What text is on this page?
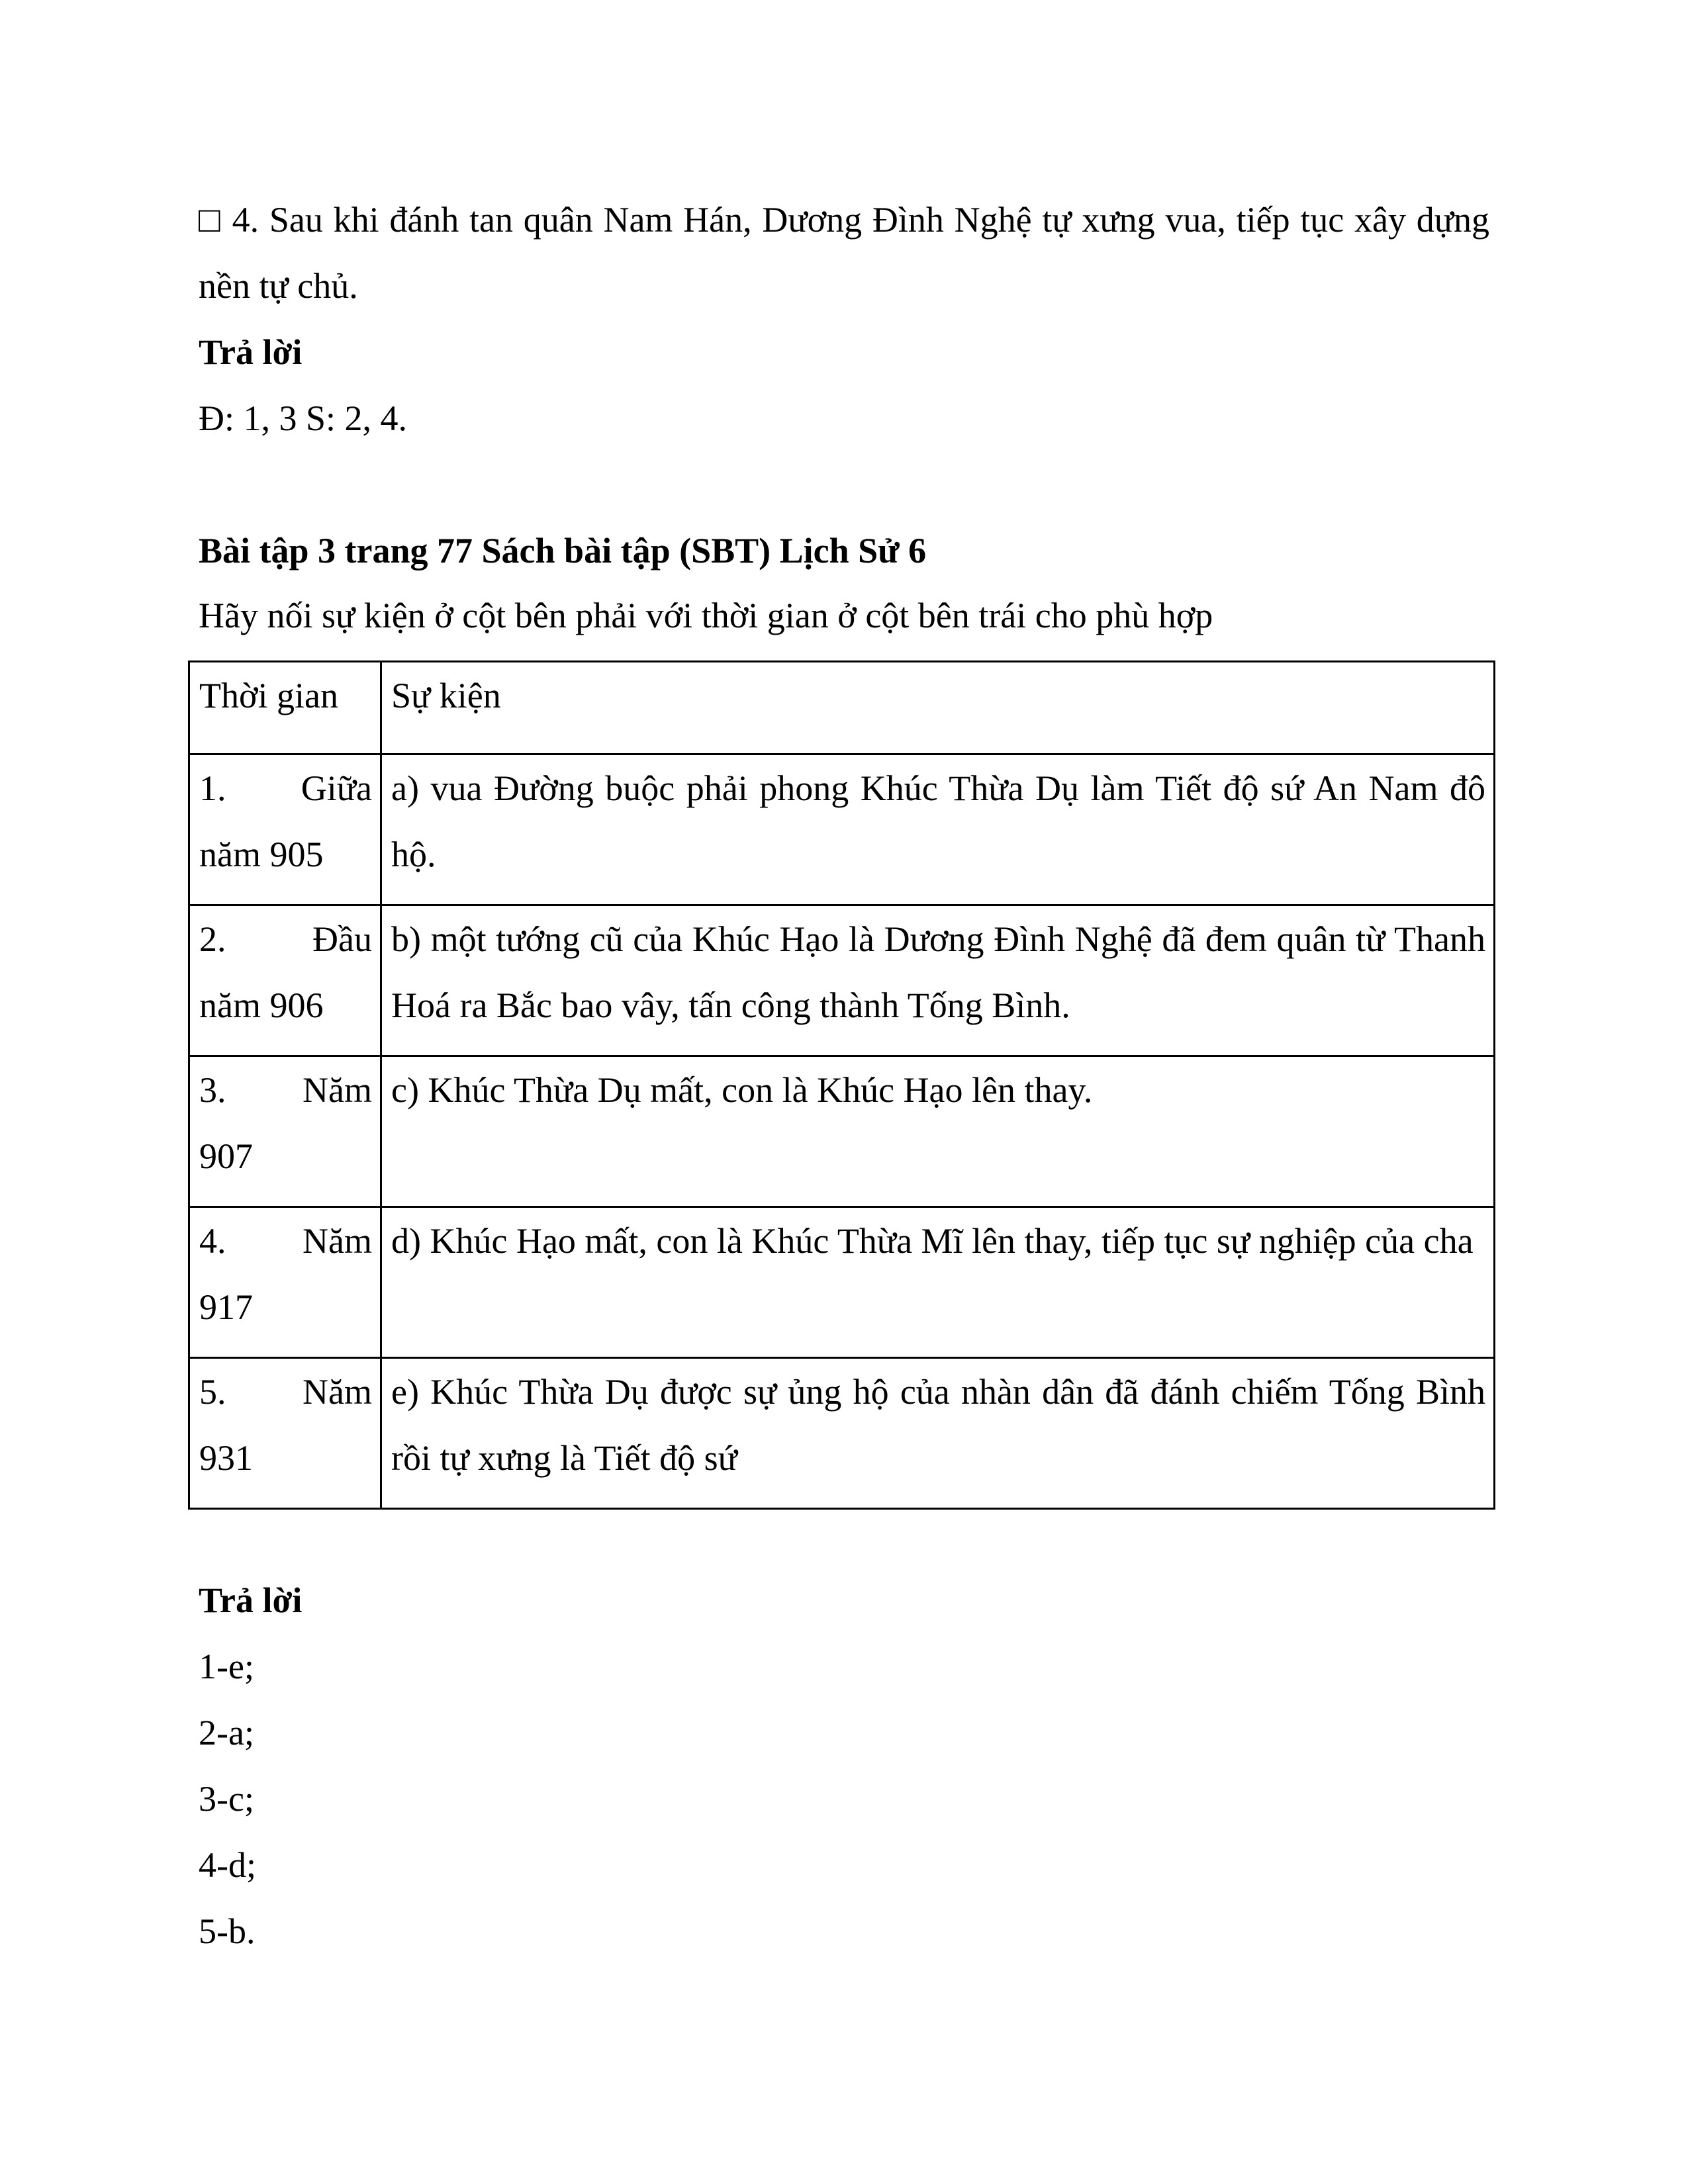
□ 4. Sau khi đánh tan quân Nam Hán, Dương Đình Nghệ tự xưng vua, tiếp tục xây dựng nền tự chủ.
Trả lời
Đ: 1, 3 S: 2, 4.
Bài tập 3 trang 77 Sách bài tập (SBT) Lịch Sử 6
Hãy nối sự kiện ở cột bên phải với thời gian ở cột bên trái cho phù hợp
Thời gian	Sự kiện

1. Giữa
năm 905	a) vua Đường buộc phải phong Khúc Thừa Dụ làm Tiết độ sứ An Nam đô hộ.

2. Đầu
năm 906	b) một tướng cũ của Khúc Hạo là Dương Đình Nghệ đã đem quân từ Thanh Hoá ra Bắc bao vây, tấn công thành Tống Bình.

3. Năm
907	c) Khúc Thừa Dụ mất, con là Khúc Hạo lên thay.

4. Năm
917	d) Khúc Hạo mất, con là Khúc Thừa Mĩ lên thay, tiếp tục sự nghiệp của cha

5. Năm
931	e) Khúc Thừa Dụ được sự ủng hộ của nhàn dân đã đánh chiếm Tống Bình rồi tự xưng là Tiết độ sứ
Trả lời
1-e;
2-a;
3-c;
4-d;
5-b.
